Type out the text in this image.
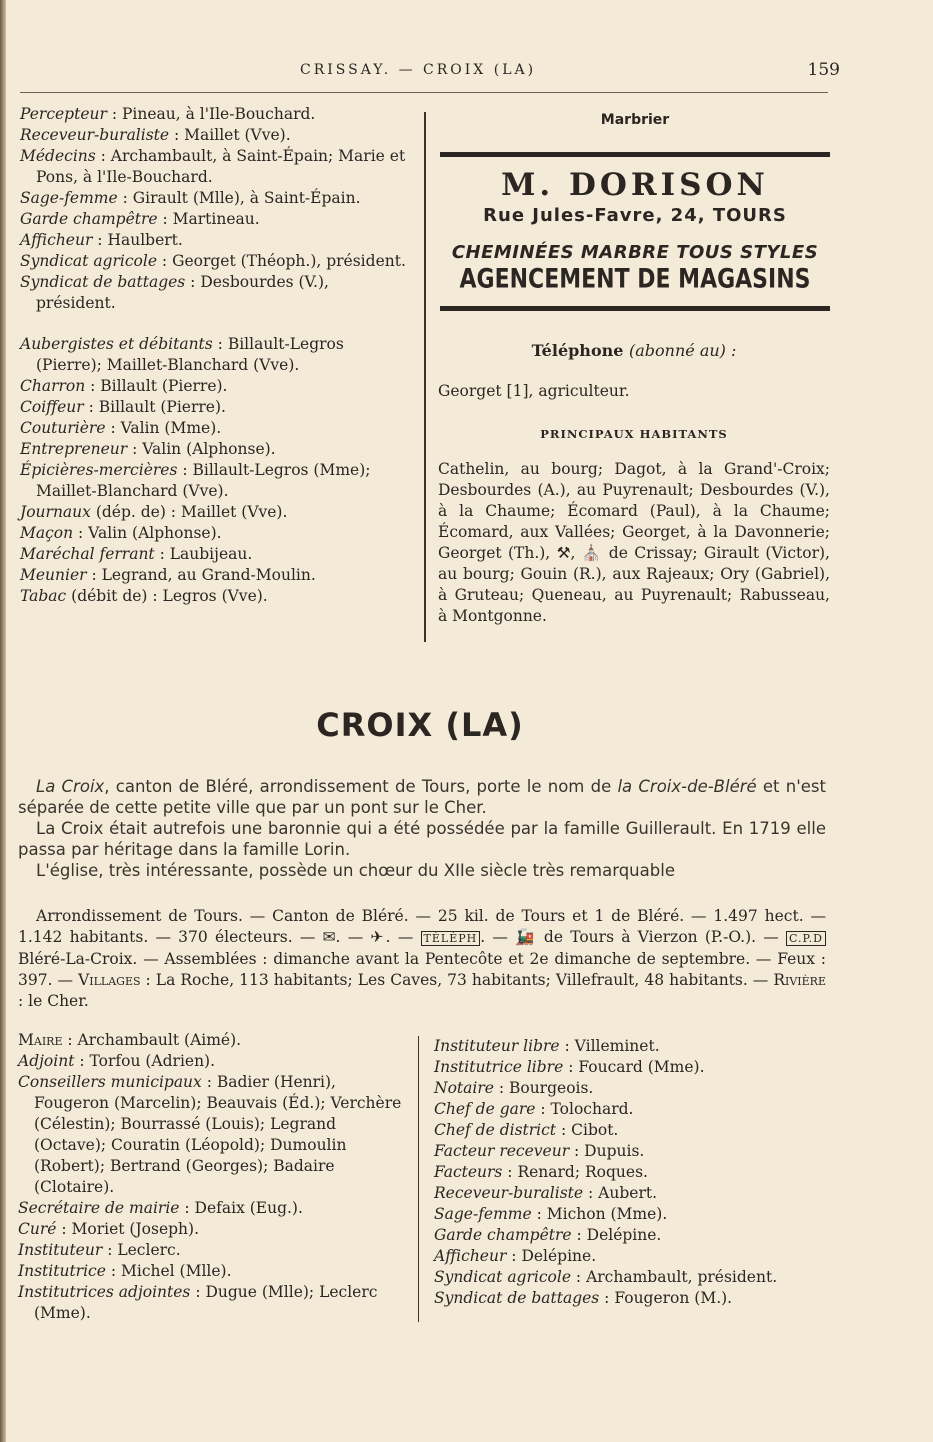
CRISSAY. — CROIX (LA)	159

Percepteur : Pineau, à l'Ile-Bouchard.

Receveur-buraliste : Maillet (Vve).

Médecins : Archambault, à Saint-Épain; Marie et Pons, à l'Ile-Bouchard.

Sage-femme : Girault (Mlle), à Saint-Épain.

Garde champêtre : Martineau.

Afficheur : Haulbert.

Syndicat agricole : Georget (Théoph.), président.

Syndicat de battages : Desbourdes (V.), président.

Aubergistes et débitants : Billault-Legros (Pierre); Maillet-Blanchard (Vve).

Charron : Billault (Pierre).

Coiffeur : Billault (Pierre).

Couturière : Valin (Mme).

Entrepreneur : Valin (Alphonse).

Épicières-mercières : Billault-Legros (Mme); Maillet-Blanchard (Vve).

Journaux (dép. de) : Maillet (Vve).

Maçon : Valin (Alphonse).

Maréchal ferrant : Laubijeau.

Meunier : Legrand, au Grand-Moulin.

Tabac (débit de) : Legros (Vve).

Marbrier
M. DORISON
Rue Jules-Favre, 24, TOURS
CHEMINÉES MARBRE TOUS STYLES
AGENCEMENT DE MAGASINS
Téléphone (abonné au) :
Georget [1], agriculteur.
PRINCIPAUX HABITANTS
Cathelin, au bourg; Dagot, à la Grand'-Croix; Desbourdes (A.), au Puyrenault; Desbourdes (V.), à la Chaume; Écomard (Paul), à la Chaume; Écomard, aux Vallées; Georget, à la Davonnerie; Georget (Th.), ⚒, ⛪ de Crissay; Girault (Victor), au bourg; Gouin (R.), aux Rajeaux; Ory (Gabriel), à Gruteau; Queneau, au Puyrenault; Rabusseau, à Montgonne.
CROIX (LA)

La Croix, canton de Bléré, arrondissement de Tours, porte le nom de la Croix-de-Bléré et n'est séparée de cette petite ville que par un pont sur le Cher.

La Croix était autrefois une baronnie qui a été possédée par la famille Guillerault. En 1719 elle passa par héritage dans la famille Lorin.

L'église, très intéressante, possède un chœur du XIIe siècle très remarquable

Arrondissement de Tours. — Canton de Bléré. — 25 kil. de Tours et 1 de Bléré. — 1.497 hect. — 1.142 habitants. — 370 électeurs. — ✉. — ✈. — TÉLÉPH . — 🚂 de Tours à Vierzon (P.-O.). — C.P.D Bléré-La-Croix. — Assemblées : dimanche avant la Pentecôte et 2e dimanche de septembre. — Feux : 397. — Villages : La Roche, 113 habitants; Les Caves, 73 habitants; Villefrault, 48 habitants. — Rivière : le Cher.

Maire : Archambault (Aimé).

Adjoint : Torfou (Adrien).

Conseillers municipaux : Badier (Henri), Fougeron (Marcelin); Beauvais (Éd.); Verchère (Célestin); Bourrassé (Louis); Legrand (Octave); Couratin (Léopold); Dumoulin (Robert); Bertrand (Georges); Badaire (Clotaire).

Secrétaire de mairie : Defaix (Eug.).

Curé : Moriet (Joseph).

Instituteur : Leclerc.

Institutrice : Michel (Mlle).

Institutrices adjointes : Dugue (Mlle); Leclerc (Mme).

Instituteur libre : Villeminet.

Institutrice libre : Foucard (Mme).

Notaire : Bourgeois.

Chef de gare : Tolochard.

Chef de district : Cibot.

Facteur receveur : Dupuis.

Facteurs : Renard; Roques.

Receveur-buraliste : Aubert.

Sage-femme : Michon (Mme).

Garde champêtre : Delépine.

Afficheur : Delépine.

Syndicat agricole : Archambault, président.

Syndicat de battages : Fougeron (M.).
